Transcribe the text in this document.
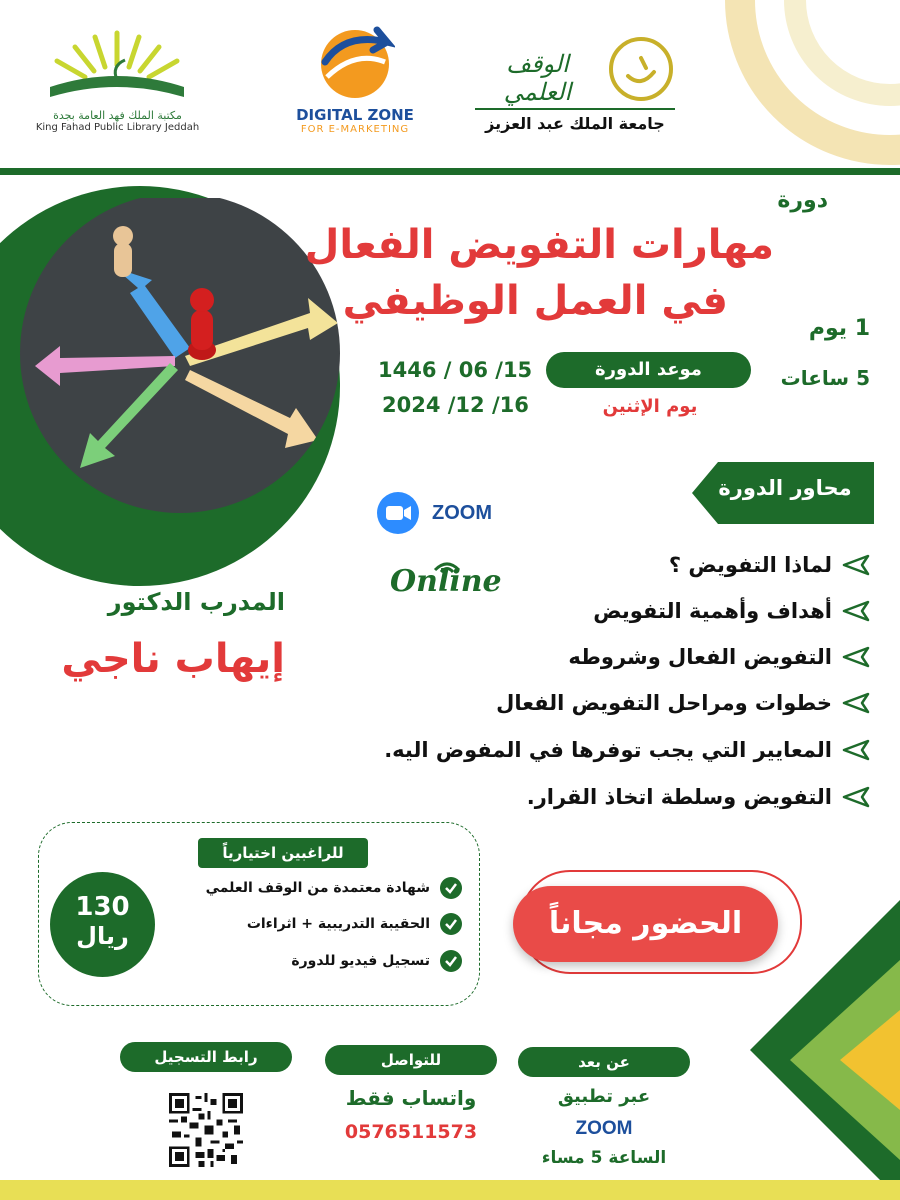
مكتبة الملك فهد العامة بجدة
King Fahad Public Library Jeddah
DIGITAL ZONE
FOR E-MARKETING
الوقف العلمي
جامعة الملك عبد العزيز
دورة
مهارات التفويض الفعال
في العمل الوظيفي
1 يوم
5 ساعات
موعد الدورة
يوم الإثنين
1446 / 06 /15
2024 /12 /16
محاور الدورة
ZOOM
Online	لماذا التفويض ؟
أهداف وأهمية التفويض
التفويض الفعال وشروطه
خطوات ومراحل التفويض الفعال
المعايير التي يجب توفرها في المفوض اليه.
التفويض وسلطة اتخاذ القرار.
المدرب الدكتور
إيهاب ناجي
للراغبين اختيارياً
شهادة معتمدة من الوقف العلمي
الحقيبة التدريبية + اثراءات
تسجيل فيديو للدورة
130
ريال	الحضور مجاناً
عن بعد
عبر تطبيق
ZOOM
الساعة 5 مساء
للتواصل
واتساب فقط
0576511573
رابط التسجيل
